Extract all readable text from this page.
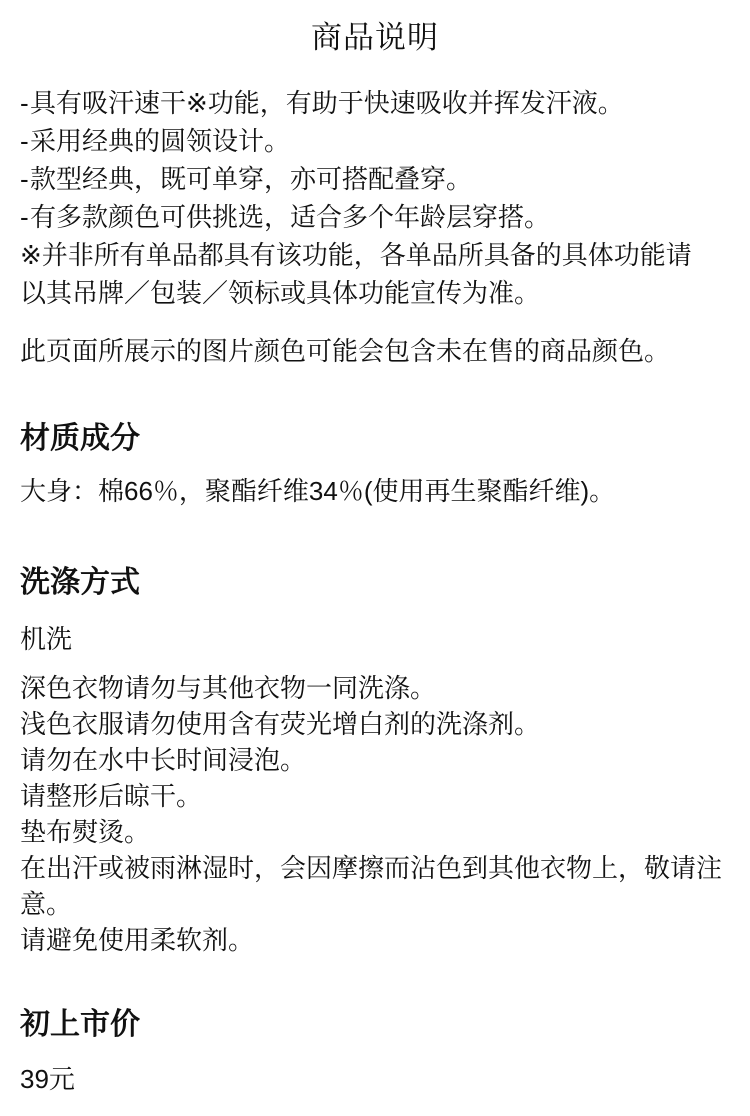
商品说明
- 具有吸汗速干※功能，有助于快速吸收并挥发汗液。
- 采用经典的圆领设计。
- 款型经典，既可单穿，亦可搭配叠穿。
- 有多款颜色可供挑选，适合多个年龄层穿搭。
※并非所有单品都具有该功能，各单品所具备的具体功能请
以其吊牌／包装／领标或具体功能宣传为准。

此页面所展示的图片颜色可能会包含未在售的商品颜色。

材质成分

大身：棉66％，聚酯纤维34％(使用再生聚酯纤维)。

洗涤方式

机洗

深色衣物请勿与其他衣物一同洗涤。
浅色衣服请勿使用含有荧光增白剂的洗涤剂。
请勿在水中长时间浸泡。
请整形后晾干。
垫布熨烫。
在出汗或被雨淋湿时，会因摩擦而沾色到其他衣物上，敬请注
意。
请避免使用柔软剂。
初上市价

39元
